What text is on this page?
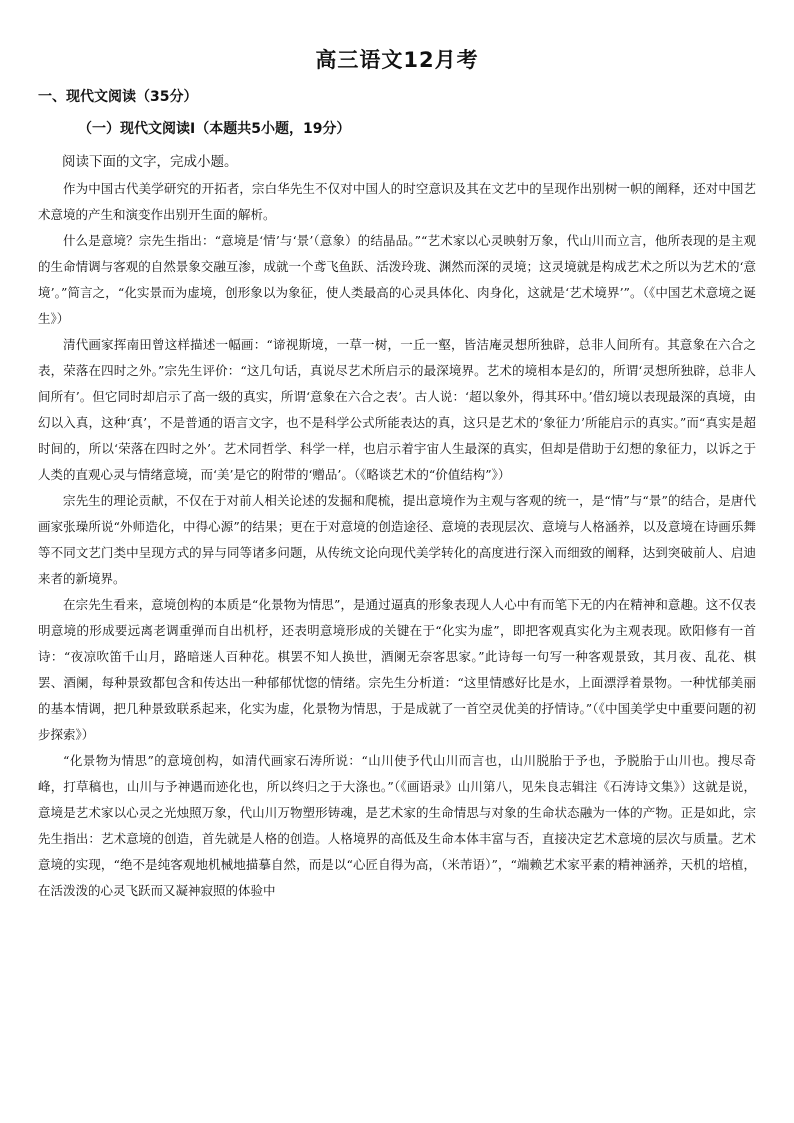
高三语文12月考
一、现代文阅读（35分）
（一）现代文阅读Ⅰ（本题共5小题，19分）

阅读下面的文字，完成小题。

作为中国古代美学研究的开拓者，宗白华先生不仅对中国人的时空意识及其在文艺中的呈现作出别树一帜的阐释，还对中国艺术意境的产生和演变作出别开生面的解析。

什么是意境？宗先生指出：“意境是‘情’与‘景’（意象）的结晶品。”“艺术家以心灵映射万象，代山川而立言，他所表现的是主观的生命情调与客观的自然景象交融互渗，成就一个鸢飞鱼跃、活泼玲珑、渊然而深的灵境；这灵境就是构成艺术之所以为艺术的‘意境’。”简言之，“化实景而为虚境，创形象以为象征，使人类最高的心灵具体化、肉身化，这就是‘艺术境界’”。（《中国艺术意境之诞生》）

清代画家挥南田曾这样描述一幅画：“谛视斯境，一草一树，一丘一壑，皆洁庵灵想所独辟，总非人间所有。其意象在六合之表，荣落在四时之外。”宗先生评价：“这几句话，真说尽艺术所启示的最深境界。艺术的境相本是幻的，所谓‘灵想所独辟，总非人间所有’。但它同时却启示了高一级的真实，所谓‘意象在六合之表’。古人说：‘超以象外，得其环中。’借幻境以表现最深的真境，由幻以入真，这种‘真’，不是普通的语言文字，也不是科学公式所能表达的真，这只是艺术的‘象征力’所能启示的真实。”而“真实是超时间的，所以‘荣落在四时之外’。艺术同哲学、科学一样，也启示着宇宙人生最深的真实，但却是借助于幻想的象征力，以诉之于人类的直观心灵与情绪意境，而‘美’是它的附带的‘赠品’。（《略谈艺术的“价值结构”》）

宗先生的理论贡献，不仅在于对前人相关论述的发掘和爬梳，提出意境作为主观与客观的统一，是“情”与“景”的结合，是唐代画家张璪所说“外师造化，中得心源”的结果；更在于对意境的创造途径、意境的表现层次、意境与人格涵养，以及意境在诗画乐舞等不同文艺门类中呈现方式的异与同等诸多问题，从传统文论向现代美学转化的高度进行深入而细致的阐释，达到突破前人、启迪来者的新境界。

在宗先生看来，意境创构的本质是“化景物为情思”，是通过逼真的形象表现人人心中有而笔下无的内在精神和意趣。这不仅表明意境的形成要远离老调重弹而自出机杼，还表明意境形成的关键在于“化实为虚”，即把客观真实化为主观表现。欧阳修有一首诗：“夜凉吹笛千山月，路暗迷人百种花。棋罢不知人换世，酒阑无奈客思家。”此诗每一句写一种客观景致，其月夜、乱花、棋罢、酒阑，每种景致都包含和传达出一种郁郁忧惚的情绪。宗先生分析道：“这里情感好比是水，上面漂浮着景物。一种忧郁美丽的基本情调，把几种景致联系起来，化实为虚，化景物为情思，于是成就了一首空灵优美的抒情诗。”（《中国美学史中重要问题的初步探索》）

“化景物为情思”的意境创构，如清代画家石涛所说：“山川使予代山川而言也，山川脱胎于予也，予脱胎于山川也。搜尽奇峰，打草稿也，山川与予神遇而迹化也，所以终归之于大涤也。”（《画语录》山川第八，见朱良志辑注《石涛诗文集》）这就是说，意境是艺术家以心灵之光烛照万象，代山川万物塑形铸魂，是艺术家的生命情思与对象的生命状态融为一体的产物。正是如此，宗先生指出：艺术意境的创造，首先就是人格的创造。人格境界的高低及生命本体丰富与否，直接决定艺术意境的层次与质量。艺术意境的实现，“绝不是纯客观地机械地描摹自然，而是以“心匠自得为高，（米芾语）”，“端赖艺术家平素的精神涵养，天机的培植，在活泼泼的心灵飞跃而又凝神寂照的体验中
